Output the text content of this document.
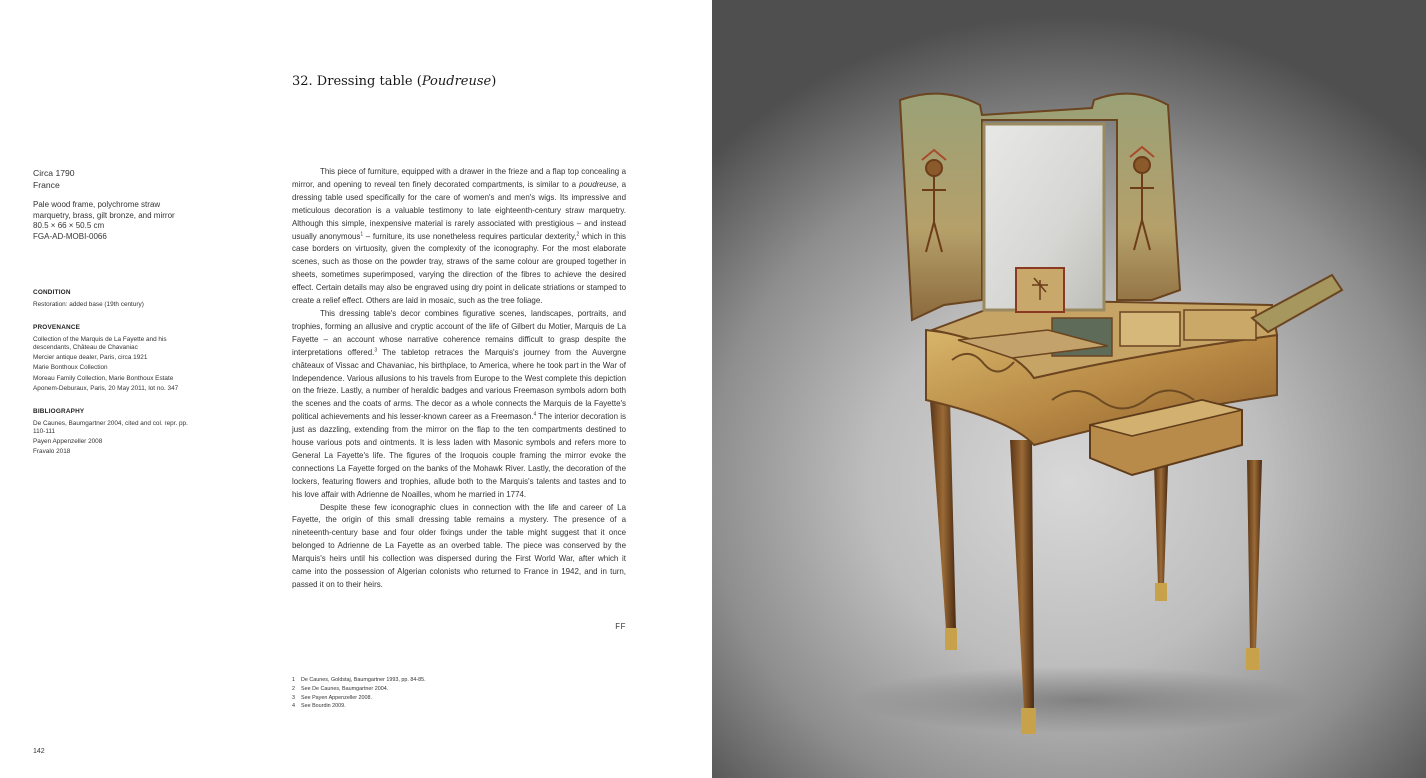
32. Dressing table (Poudreuse)
Circa 1790
France
Pale wood frame, polychrome straw marquetry, brass, gilt bronze, and mirror
80.5 × 66 × 50.5 cm
FGA-AD-MOBI-0066
CONDITION
Restoration: added base (19th century)
PROVENANCE
Collection of the Marquis de La Fayette and his descendants, Château de Chavaniac
Mercier antique dealer, Paris, circa 1921
Marie Bonthoux Collection
Moreau Family Collection, Marie Bonthoux Estate
Aponem-Deburaux, Paris, 20 May 2011, lot no. 347
BIBLIOGRAPHY
De Caunes, Baumgartner 2004, cited and col. repr. pp. 110-111
Payen Appenzeller 2008
Fravalo 2018

This piece of furniture, equipped with a drawer in the frieze and a flap top concealing a mirror, and opening to reveal ten finely decorated compartments, is similar to a poudreuse, a dressing table used specifically for the care of women's and men's wigs. Its impressive and meticulous decoration is a valuable testimony to late eighteenth-century straw marquetry. Although this simple, inexpensive material is rarely associated with prestigious – and instead usually anonymous$^1$ – furniture, its use nonetheless requires particular dexterity,$^2$ which in this case borders on virtuosity, given the complexity of the iconography. For the most elaborate scenes, such as those on the powder tray, straws of the same colour are grouped together in sheets, sometimes superimposed, varying the direction of the fibres to achieve the desired effect. Certain details may also be engraved using dry point in delicate striations or stamped to create a relief effect. Others are laid in mosaic, such as the tree foliage.

This dressing table's decor combines figurative scenes, landscapes, portraits, and trophies, forming an allusive and cryptic account of the life of Gilbert du Motier, Marquis de La Fayette – an account whose narrative coherence remains difficult to grasp despite the interpretations offered.$^3$ The tabletop retraces the Marquis's journey from the Auvergne châteaux of Vissac and Chavaniac, his birthplace, to America, where he took part in the War of Independence. Various allusions to his travels from Europe to the West complete this depiction on the frieze. Lastly, a number of heraldic badges and various Freemason symbols adorn both the scenes and the coats of arms. The decor as a whole connects the Marquis de la Fayette's political achievements and his lesser-known career as a Freemason.$^4$ The interior decoration is just as dazzling, extending from the mirror on the flap to the ten compartments destined to house various pots and ointments. It is less laden with Masonic symbols and refers more to General La Fayette's life. The figures of the Iroquois couple framing the mirror evoke the connections La Fayette forged on the banks of the Mohawk River. Lastly, the decoration of the lockers, featuring flowers and trophies, allude both to the Marquis's talents and tastes and to his love affair with Adrienne de Noailles, whom he married in 1774.

Despite these few iconographic clues in connection with the life and career of La Fayette, the origin of this small dressing table remains a mystery. The presence of a nineteenth-century base and four older fixings under the table might suggest that it once belonged to Adrienne de La Fayette as an overbed table. The piece was conserved by the Marquis's heirs until his collection was dispersed during the First World War, after which it came into the possession of Algerian colonists who returned to France in 1942, and in turn, passed it on to their heirs.

FF
1	De Caunes, Goldstaj, Baumgartner 1993, pp. 84-85.
2	See De Caunes, Baumgartner 2004.
3	See Payen Appenzeller 2008.
4	See Bourdin 2009.
142
